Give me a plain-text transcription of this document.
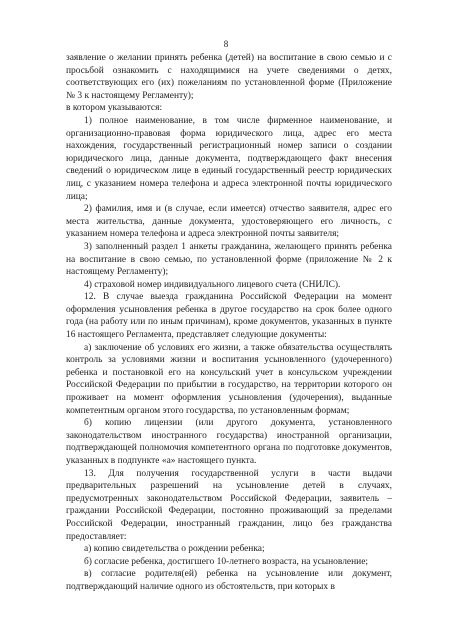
8

заявление о желании принять ребенка (детей) на воспитание в свою семью и с просьбой ознакомить с находящимися на учете сведениями о детях, соответствующих его (их) пожеланиям по установленной форме (Приложение № 3 к настоящему Регламенту);

в котором указываются:

1) полное наименование, в том числе фирменное наименование, и организационно-правовая форма юридического лица, адрес его места нахождения, государственный регистрационный номер записи о создании юридического лица, данные документа, подтверждающего факт внесения сведений о юридическом лице в единый государственный реестр юридических лиц, с указанием номера телефона и адреса электронной почты юридического лица;

2) фамилия, имя и (в случае, если имеется) отчество заявителя, адрес его места жительства, данные документа, удостоверяющего его личность, с указанием номера телефона и адреса электронной почты заявителя;

3) заполненный раздел 1 анкеты гражданина, желающего принять ребенка на воспитание в свою семью, по установленной форме (приложение № 2 к настоящему Регламенту);

4) страховой номер индивидуального лицевого счета (СНИЛС).

12. В случае выезда гражданина Российской Федерации на момент оформления усыновления ребенка в другое государство на срок более одного года (на работу или по иным причинам), кроме документов, указанных в пункте 16 настоящего Регламента, представляет следующие документы:

а) заключение об условиях его жизни, а также обязательства осуществлять контроль за условиями жизни и воспитания усыновленного (удочеренного) ребенка и постановкой его на консульский учет в консульском учреждении Российской Федерации по прибытии в государство, на территории которого он проживает на момент оформления усыновления (удочерения), выданные компетентным органом этого государства, по установленным формам;

б) копию лицензии (или другого документа, установленного законодательством иностранного государства) иностранной организации, подтверждающей полномочия компетентного органа по подготовке документов, указанных в подпункте «а» настоящего пункта.

13. Для получения государственной услуги в части выдачи предварительных разрешений на усыновление детей в случаях, предусмотренных законодательством Российской Федерации, заявитель – граждании Российской Федерации, постоянно проживающий за пределами Российской Федерации, иностранный гражданин, лицо без гражданства предоставляет:

а) копию свидетельства о рождении ребенка;

б) согласие ребенка, достигшего 10-летнего возраста, на усыновление;

в) согласие родителя(ей) ребенка на усыновление или документ, подтверждающий наличие одного из обстоятельств, при которых в
